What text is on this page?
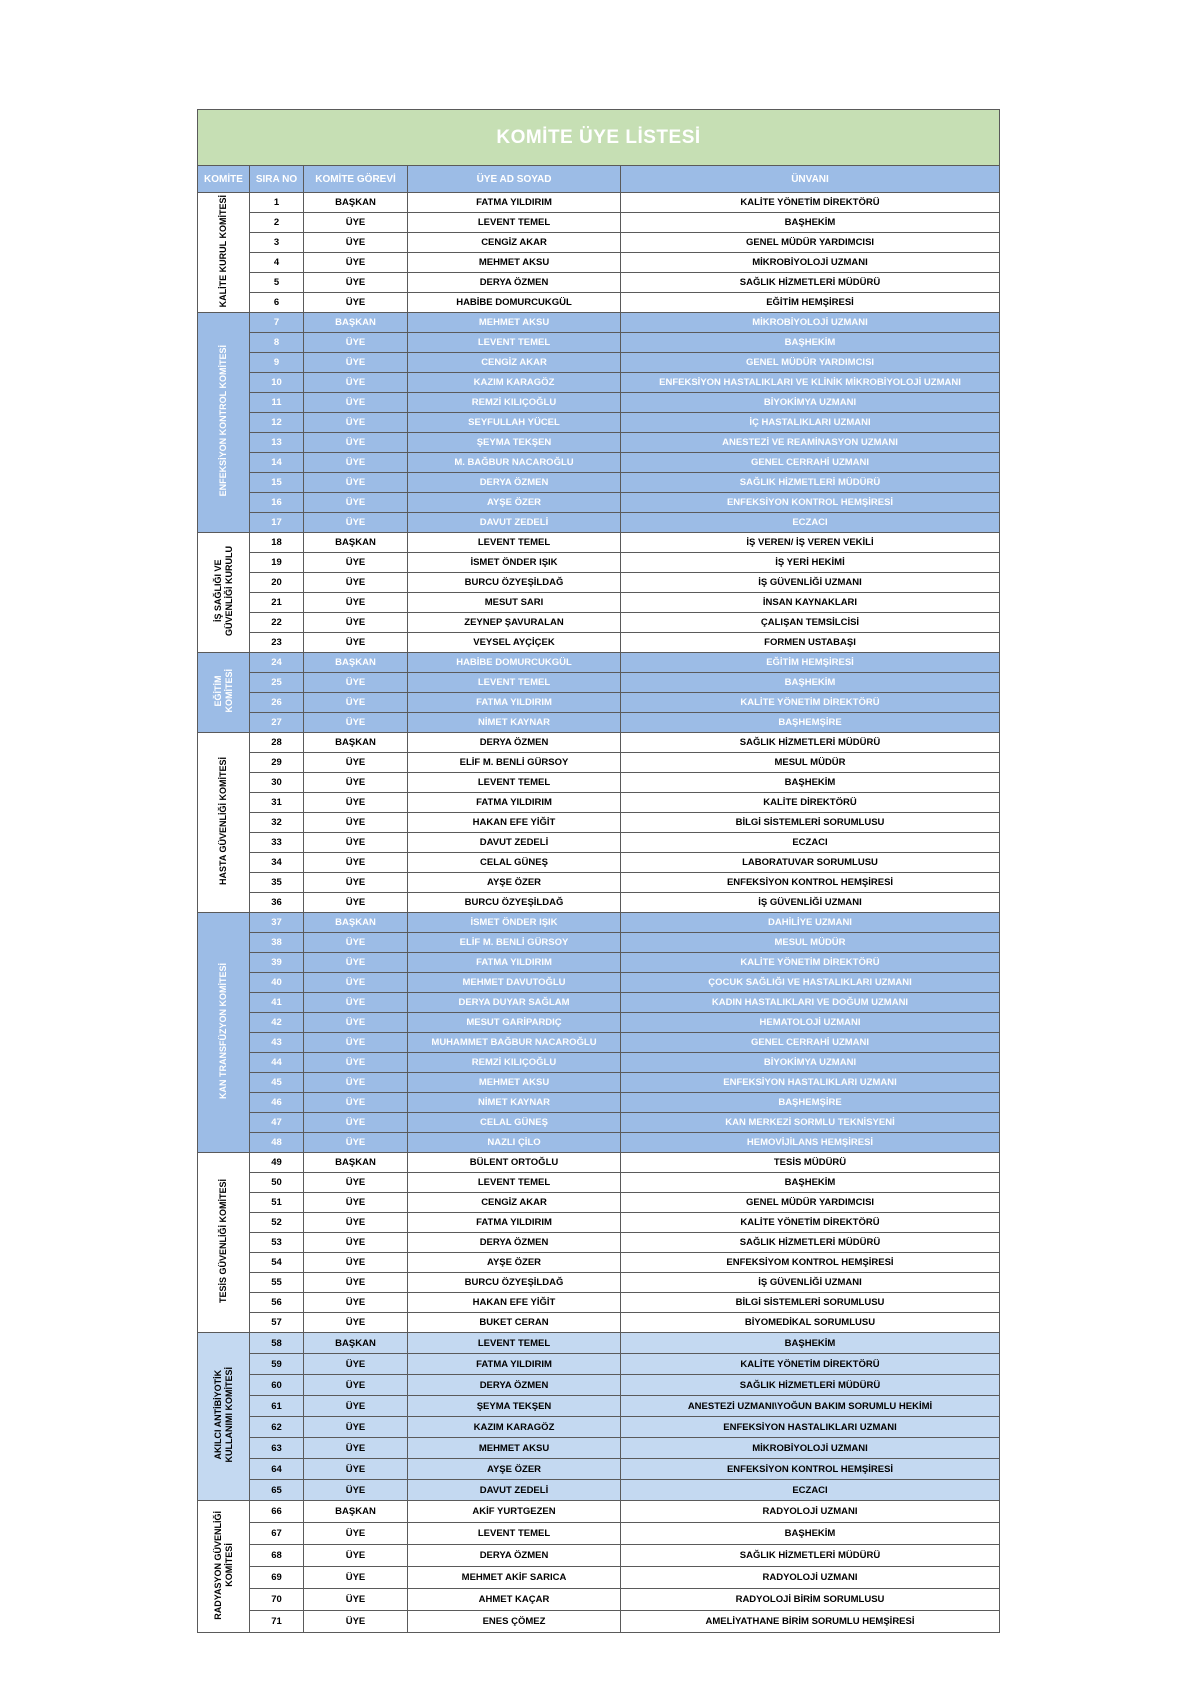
KOMİTE ÜYE LİSTESİ				
KOMİTE	SIRA NO	KOMİTE GÖREVİ	ÜYE AD SOYAD	ÜNVANI
KALİTE KURUL KOMİTESİ	1	BAŞKAN	FATMA YILDIRIM	KALİTE YÖNETİM DİREKTÖRÜ
	2	ÜYE	LEVENT TEMEL	BAŞHEKİM
	3	ÜYE	CENGİZ AKAR	GENEL MÜDÜR YARDIMCISI
	4	ÜYE	MEHMET AKSU	MİKROBİYOLOJİ UZMANI
	5	ÜYE	DERYA ÖZMEN	SAĞLIK HİZMETLERİ MÜDÜRÜ
	6	ÜYE	HABİBE DOMURCUKGÜL	EĞİTİM HEMŞİRESİ
ENFEKSİYON KONTROL KOMİTESİ	7	BAŞKAN	MEHMET AKSU	MİKROBİYOLOJİ UZMANI
	8	ÜYE	LEVENT TEMEL	BAŞHEKİM
	9	ÜYE	CENGİZ AKAR	GENEL MÜDÜR YARDIMCISI
	10	ÜYE	KAZIM KARAGÖZ	ENFEKSİYON HASTALIKLARI VE KLİNİK MİKROBİYOLOJİ UZMANI
	11	ÜYE	REMZİ KILIÇOĞLU	BİYOKİMYA UZMANI
	12	ÜYE	SEYFULLAH YÜCEL	İÇ HASTALIKLARI UZMANI
	13	ÜYE	ŞEYMA TEKŞEN	ANESTEZİ VE REAMİNASYON UZMANI
	14	ÜYE	M. BAĞBUR NACAROĞLU	GENEL CERRAHİ UZMANI
	15	ÜYE	DERYA ÖZMEN	SAĞLIK HİZMETLERİ MÜDÜRÜ
	16	ÜYE	AYŞE ÖZER	ENFEKSİYON KONTROL HEMŞİRESİ
	17	ÜYE	DAVUT ZEDELİ	ECZACI
İŞ SAĞLIĞI VE
GÜVENLİĞİ KURULU	18	BAŞKAN	LEVENT TEMEL	İŞ VEREN/ İŞ VEREN VEKİLİ
	19	ÜYE	İSMET ÖNDER IŞIK	İŞ YERİ HEKİMİ
	20	ÜYE	BURCU ÖZYEŞİLDAĞ	İŞ GÜVENLİĞİ UZMANI
	21	ÜYE	MESUT SARI	İNSAN KAYNAKLARI
	22	ÜYE	ZEYNEP ŞAVURALAN	ÇALIŞAN TEMSİLCİSİ
	23	ÜYE	VEYSEL AYÇİÇEK	FORMEN USTABAŞI
EĞİTİM
KOMİTESİ	24	BAŞKAN	HABİBE DOMURCUKGÜL	EĞİTİM HEMŞİRESİ
	25	ÜYE	LEVENT TEMEL	BAŞHEKİM
	26	ÜYE	FATMA YILDIRIM	KALİTE YÖNETİM DİREKTÖRÜ
	27	ÜYE	NİMET KAYNAR	BAŞHEMŞİRE
HASTA GÜVENLİĞİ KOMİTESİ	28	BAŞKAN	DERYA ÖZMEN	SAĞLIK HİZMETLERİ MÜDÜRÜ
	29	ÜYE	ELİF M. BENLİ GÜRSOY	MESUL MÜDÜR
	30	ÜYE	LEVENT TEMEL	BAŞHEKİM
	31	ÜYE	FATMA YILDIRIM	KALİTE DİREKTÖRÜ
	32	ÜYE	HAKAN EFE YİĞİT	BİLGİ SİSTEMLERİ SORUMLUSU
	33	ÜYE	DAVUT ZEDELİ	ECZACI
	34	ÜYE	CELAL GÜNEŞ	LABORATUVAR SORUMLUSU
	35	ÜYE	AYŞE ÖZER	ENFEKSİYON KONTROL HEMŞİRESİ
	36	ÜYE	BURCU ÖZYEŞİLDAĞ	İŞ GÜVENLİĞİ UZMANI
KAN TRANSFÜZYON KOMİTESİ	37	BAŞKAN	İSMET ÖNDER IŞIK	DAHİLİYE UZMANI
	38	ÜYE	ELİF M. BENLİ GÜRSOY	MESUL MÜDÜR
	39	ÜYE	FATMA YILDIRIM	KALİTE YÖNETİM DİREKTÖRÜ
	40	ÜYE	MEHMET DAVUTOĞLU	ÇOCUK SAĞLIĞI VE HASTALIKLARI UZMANI
	41	ÜYE	DERYA DUYAR SAĞLAM	KADIN HASTALIKLARI VE DOĞUM UZMANI
	42	ÜYE	MESUT GARİPARDIÇ	HEMATOLOJİ UZMANI
	43	ÜYE	MUHAMMET BAĞBUR NACAROĞLU	GENEL CERRAHİ UZMANI
	44	ÜYE	REMZİ KILIÇOĞLU	BİYOKİMYA UZMANI
	45	ÜYE	MEHMET AKSU	ENFEKSİYON HASTALIKLARI UZMANI
	46	ÜYE	NİMET KAYNAR	BAŞHEMŞİRE
	47	ÜYE	CELAL GÜNEŞ	KAN MERKEZİ SORMLU TEKNİSYENİ
	48	ÜYE	NAZLI ÇİLO	HEMOVİJİLANS HEMŞİRESİ
TESİS GÜVENLİĞİ KOMİTESİ	49	BAŞKAN	BÜLENT ORTOĞLU	TESİS MÜDÜRÜ
	50	ÜYE	LEVENT TEMEL	BAŞHEKİM
	51	ÜYE	CENGİZ AKAR	GENEL MÜDÜR YARDIMCISI
	52	ÜYE	FATMA YILDIRIM	KALİTE YÖNETİM DİREKTÖRÜ
	53	ÜYE	DERYA ÖZMEN	SAĞLIK HİZMETLERİ MÜDÜRÜ
	54	ÜYE	AYŞE ÖZER	ENFEKSİYOM KONTROL HEMŞİRESİ
	55	ÜYE	BURCU ÖZYEŞİLDAĞ	İŞ GÜVENLİĞİ UZMANI
	56	ÜYE	HAKAN EFE YİĞİT	BİLGİ SİSTEMLERİ SORUMLUSU
	57	ÜYE	BUKET CERAN	BİYOMEDİKAL SORUMLUSU
AKILCI ANTİBİYOTİK
KULLANIMI KOMİTESİ	58	BAŞKAN	LEVENT TEMEL	BAŞHEKİM
	59	ÜYE	FATMA YILDIRIM	KALİTE YÖNETİM DİREKTÖRÜ
	60	ÜYE	DERYA ÖZMEN	SAĞLIK HİZMETLERİ MÜDÜRÜ
	61	ÜYE	ŞEYMA TEKŞEN	ANESTEZİ UZMANI\YOĞUN BAKIM SORUMLU HEKİMİ
	62	ÜYE	KAZIM KARAGÖZ	ENFEKSİYON HASTALIKLARI UZMANI
	63	ÜYE	MEHMET AKSU	MİKROBİYOLOJİ UZMANI
	64	ÜYE	AYŞE ÖZER	ENFEKSİYON KONTROL HEMŞİRESİ
	65	ÜYE	DAVUT ZEDELİ	ECZACI
RADYASYON GÜVENLİĞİ
KOMİTESİ	66	BAŞKAN	AKİF YURTGEZEN	RADYOLOJİ UZMANI
	67	ÜYE	LEVENT TEMEL	BAŞHEKİM
	68	ÜYE	DERYA ÖZMEN	SAĞLIK HİZMETLERİ MÜDÜRÜ
	69	ÜYE	MEHMET AKİF SARICA	RADYOLOJİ UZMANI
	70	ÜYE	AHMET KAÇAR	RADYOLOJİ BİRİM SORUMLUSU
	71	ÜYE	ENES ÇÖMEZ	AMELİYATHANE BİRİM SORUMLU HEMŞİRESİ
